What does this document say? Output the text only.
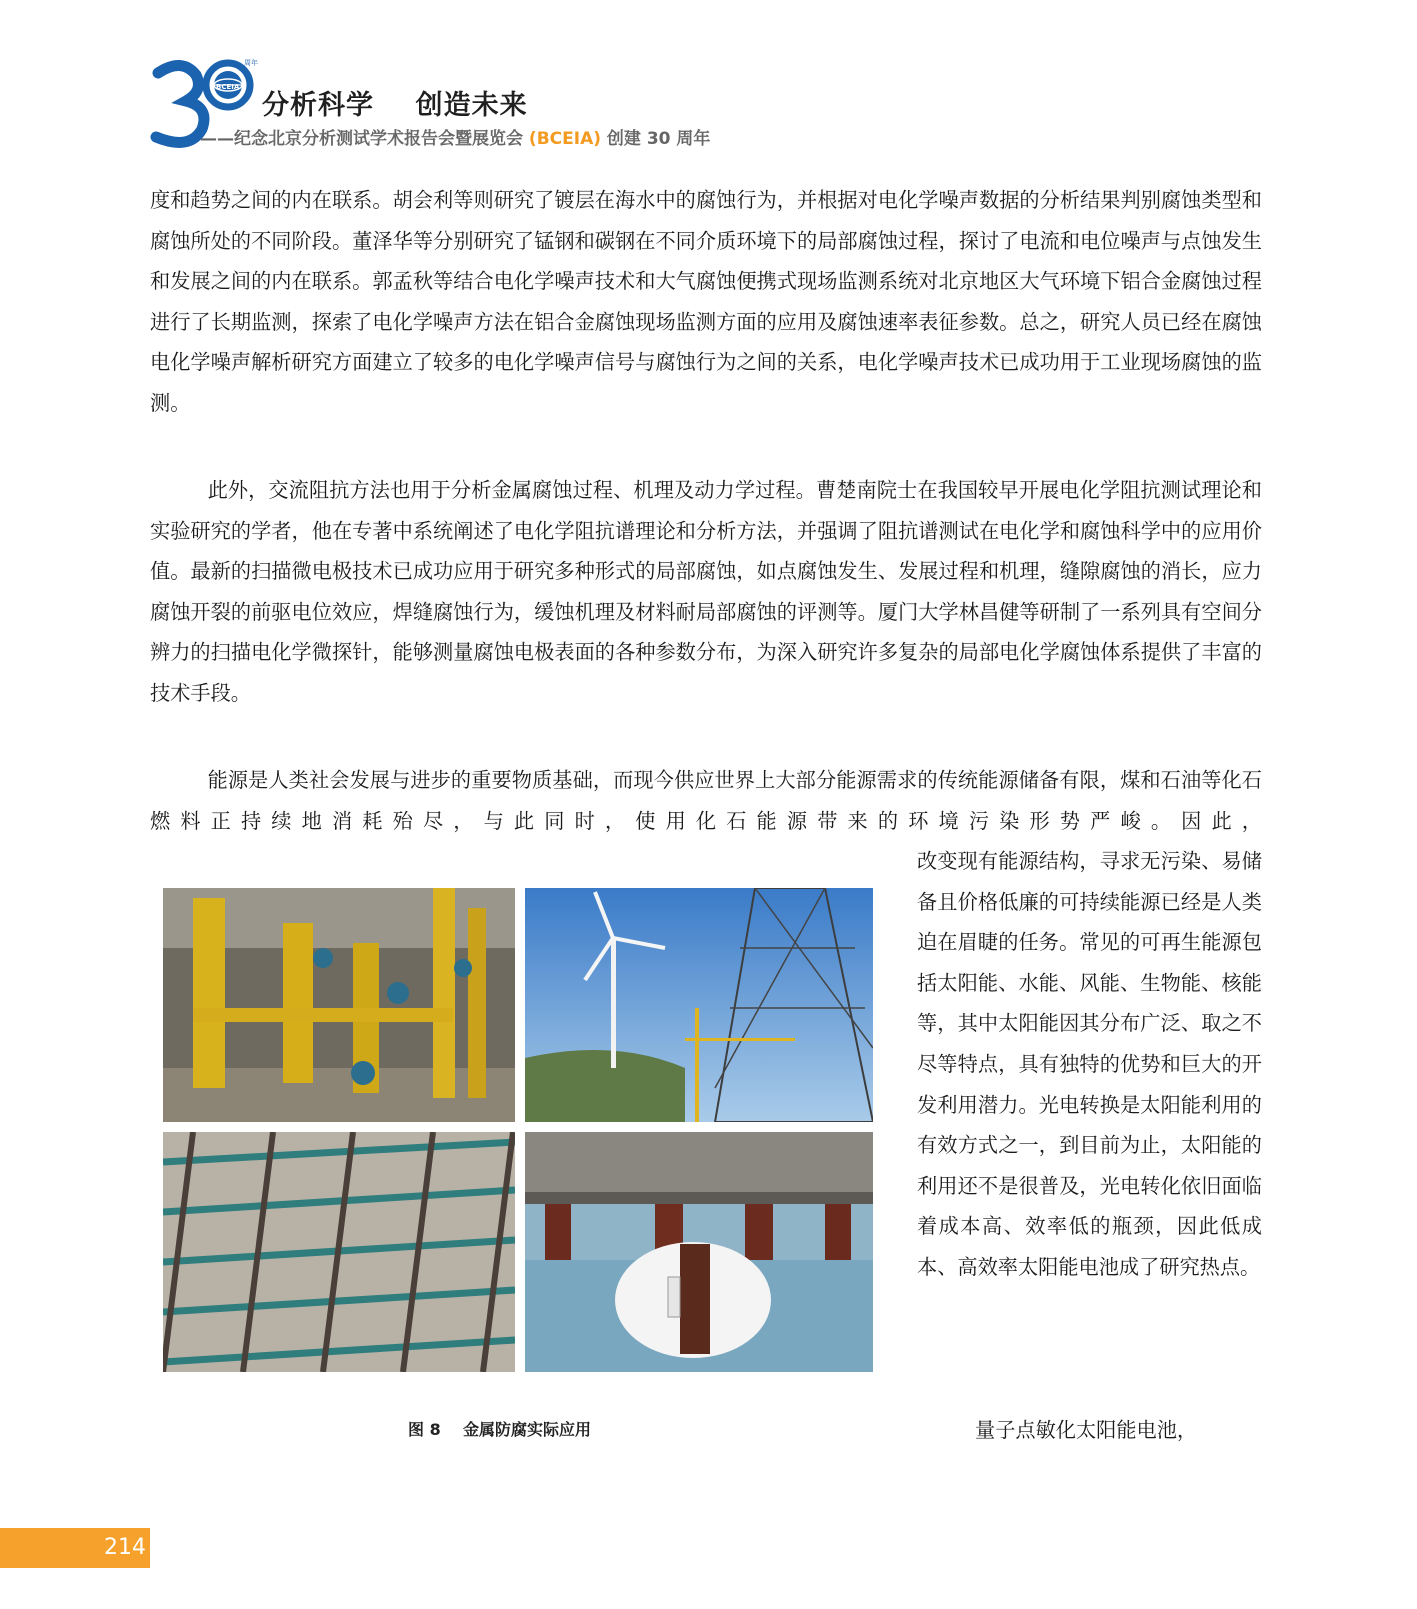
BCEIA
周年
分析科学    创造未来
——纪念北京分析测试学术报告会暨展览会 (BCEIA) 创建 30 周年
度和趋势之间的内在联系。胡会利等则研究了镀层在海水中的腐蚀行为，并根据对电化学噪声数据的分析结果判别腐蚀类型和腐蚀所处的不同阶段。董泽华等分别研究了锰钢和碳钢在不同介质环境下的局部腐蚀过程，探讨了电流和电位噪声与点蚀发生和发展之间的内在联系。郭孟秋等结合电化学噪声技术和大气腐蚀便携式现场监测系统对北京地区大气环境下铝合金腐蚀过程进行了长期监测，探索了电化学噪声方法在铝合金腐蚀现场监测方面的应用及腐蚀速率表征参数。总之，研究人员已经在腐蚀电化学噪声解析研究方面建立了较多的电化学噪声信号与腐蚀行为之间的关系，电化学噪声技术已成功用于工业现场腐蚀的监测。
此外，交流阻抗方法也用于分析金属腐蚀过程、机理及动力学过程。曹楚南院士在我国较早开展电化学阻抗测试理论和实验研究的学者，他在专著中系统阐述了电化学阻抗谱理论和分析方法，并强调了阻抗谱测试在电化学和腐蚀科学中的应用价值。最新的扫描微电极技术已成功应用于研究多种形式的局部腐蚀，如点腐蚀发生、发展过程和机理，缝隙腐蚀的消长，应力腐蚀开裂的前驱电位效应，焊缝腐蚀行为，缓蚀机理及材料耐局部腐蚀的评测等。厦门大学林昌健等研制了一系列具有空间分辨力的扫描电化学微探针，能够测量腐蚀电极表面的各种参数分布，为深入研究许多复杂的局部电化学腐蚀体系提供了丰富的技术手段。
能源是人类社会发展与进步的重要物质基础，而现今供应世界上大部分能源需求的传统能源储备有限，煤和石油等化石燃料正持续地消耗殆尽，与此同时，使用化石能源带来的环境污染形势严峻。因此，
改变现有能源结构，寻求无污染、易储备且价格低廉的可持续能源已经是人类迫在眉睫的任务。常见的可再生能源包括太阳能、水能、风能、生物能、核能等，其中太阳能因其分布广泛、取之不尽等特点，具有独特的优势和巨大的开发利用潜力。光电转换是太阳能利用的有效方式之一，到目前为止，太阳能的利用还不是很普及，光电转化依旧面临着成本高、效率低的瓶颈，因此低成本、高效率太阳能电池成了研究热点。
量子点敏化太阳能电池，
图 8    金属防腐实际应用
214
